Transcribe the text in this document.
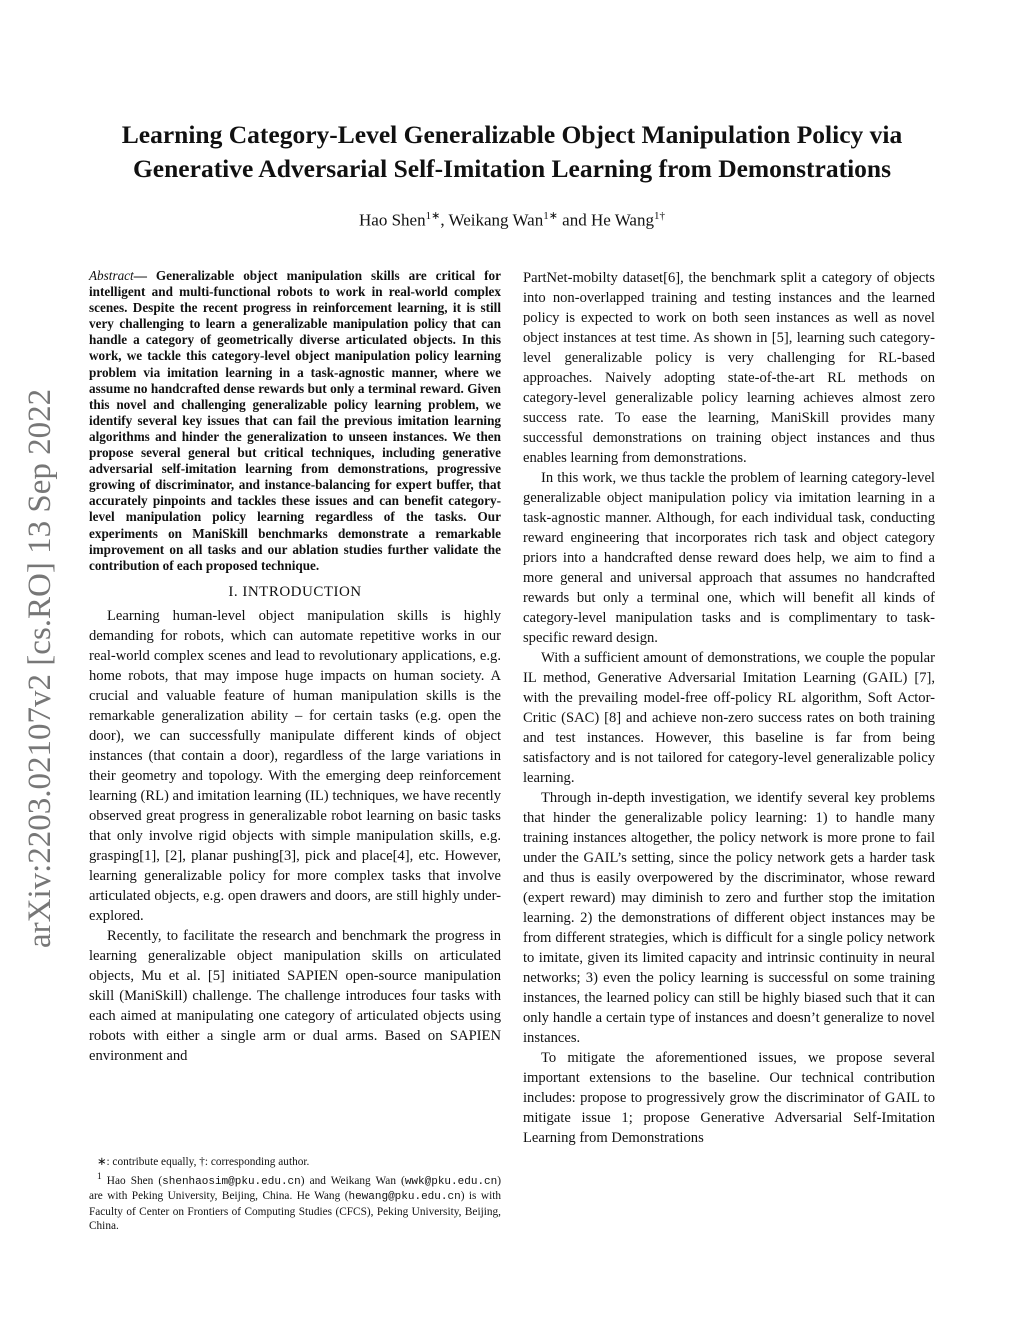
Learning Category-Level Generalizable Object Manipulation Policy via
Generative Adversarial Self-Imitation Learning from Demonstrations
Hao Shen$^{1∗}$, Weikang Wan$^{1∗}$ and He Wang$^{1\dagger}$
arXiv:2203.02107v2 [cs.RO] 13 Sep 2022
Abstract— Generalizable object manipulation skills are critical for intelligent and multi-functional robots to work in real-world complex scenes. Despite the recent progress in reinforcement learning, it is still very challenging to learn a generalizable manipulation policy that can handle a category of geometrically diverse articulated objects. In this work, we tackle this category-level object manipulation policy learning problem via imitation learning in a task-agnostic manner, where we assume no handcrafted dense rewards but only a terminal reward. Given this novel and challenging generalizable policy learning problem, we identify several key issues that can fail the previous imitation learning algorithms and hinder the generalization to unseen instances. We then propose several general but critical techniques, including generative adversarial self-imitation learning from demonstrations, progressive growing of discriminator, and instance-balancing for expert buffer, that accurately pinpoints and tackles these issues and can benefit category-level manipulation policy learning regardless of the tasks. Our experiments on ManiSkill benchmarks demonstrate a remarkable improvement on all tasks and our ablation studies further validate the contribution of each proposed technique.
I. INTRODUCTION

Learning human-level object manipulation skills is highly demanding for robots, which can automate repetitive works in our real-world complex scenes and lead to revolutionary applications, e.g. home robots, that may impose huge impacts on human society. A crucial and valuable feature of human manipulation skills is the remarkable generalization ability – for certain tasks (e.g. open the door), we can successfully manipulate different kinds of object instances (that contain a door), regardless of the large variations in their geometry and topology. With the emerging deep reinforcement learning (RL) and imitation learning (IL) techniques, we have recently observed great progress in generalizable robot learning on basic tasks that only involve rigid objects with simple manipulation skills, e.g. grasping[1], [2], planar pushing[3], pick and place[4], etc. However, learning generalizable policy for more complex tasks that involve articulated objects, e.g. open drawers and doors, are still highly under-explored.

Recently, to facilitate the research and benchmark the progress in learning generalizable object manipulation skills on articulated objects, Mu et al. [5] initiated SAPIEN open-source manipulation skill (ManiSkill) challenge. The challenge introduces four tasks with each aimed at manipulating one category of articulated objects using robots with either a single arm or dual arms. Based on SAPIEN environment and

∗: contribute equally, †: corresponding author.

$^1$ Hao Shen (shenhaosim@pku.edu.cn) and Weikang Wan (wwk@pku.edu.cn) are with Peking University, Beijing, China. He Wang (hewang@pku.edu.cn) is with Faculty of Center on Frontiers of Computing Studies (CFCS), Peking University, Beijing, China.

PartNet-mobilty dataset[6], the benchmark split a category of objects into non-overlapped training and testing instances and the learned policy is expected to work on both seen instances as well as novel object instances at test time. As shown in [5], learning such category-level generalizable policy is very challenging for RL-based approaches. Naively adopting state-of-the-art RL methods on category-level generalizable policy learning achieves almost zero success rate. To ease the learning, ManiSkill provides many successful demonstrations on training object instances and thus enables learning from demonstrations.

In this work, we thus tackle the problem of learning category-level generalizable object manipulation policy via imitation learning in a task-agnostic manner. Although, for each individual task, conducting reward engineering that incorporates rich task and object category priors into a handcrafted dense reward does help, we aim to find a more general and universal approach that assumes no handcrafted rewards but only a terminal one, which will benefit all kinds of category-level manipulation tasks and is complimentary to task-specific reward design.

With a sufficient amount of demonstrations, we couple the popular IL method, Generative Adversarial Imitation Learning (GAIL) [7], with the prevailing model-free off-policy RL algorithm, Soft Actor-Critic (SAC) [8] and achieve non-zero success rates on both training and test instances. However, this baseline is far from being satisfactory and is not tailored for category-level generalizable policy learning.

Through in-depth investigation, we identify several key problems that hinder the generalizable policy learning: 1) to handle many training instances altogether, the policy network is more prone to fail under the GAIL’s setting, since the policy network gets a harder task and thus is easily overpowered by the discriminator, whose reward (expert reward) may diminish to zero and further stop the imitation learning. 2) the demonstrations of different object instances may be from different strategies, which is difficult for a single policy network to imitate, given its limited capacity and intrinsic continuity in neural networks; 3) even the policy learning is successful on some training instances, the learned policy can still be highly biased such that it can only handle a certain type of instances and doesn’t generalize to novel instances.

To mitigate the aforementioned issues, we propose several important extensions to the baseline. Our technical contribution includes: propose to progressively grow the discriminator of GAIL to mitigate issue 1; propose Generative Adversarial Self-Imitation Learning from Demonstrations
